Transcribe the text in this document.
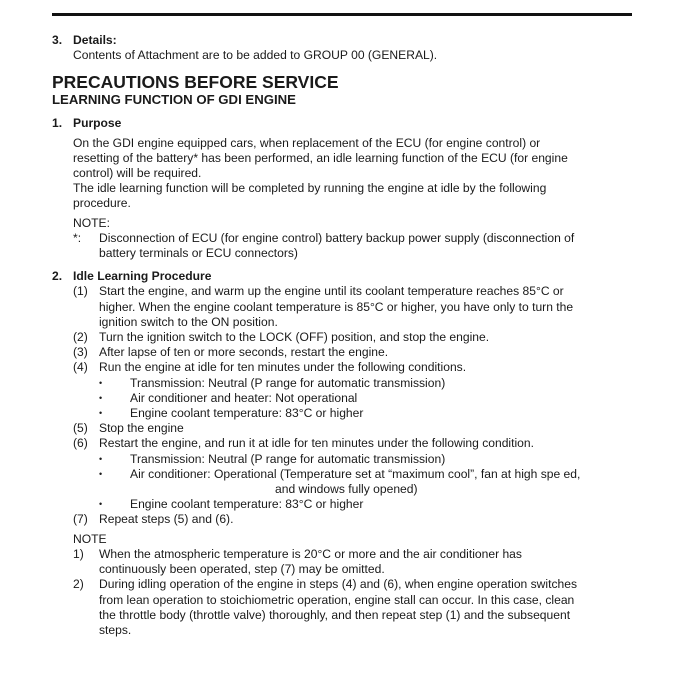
3. Details:
Contents of Attachment are to be added to GROUP 00 (GENERAL).
PRECAUTIONS BEFORE SERVICE
LEARNING FUNCTION OF GDI ENGINE
1. Purpose
On the GDI engine equipped cars, when replacement of the ECU (for engine control) or
resetting of the battery* has been performed, an idle learning function of the ECU (for engine
control) will be required.
The idle learning function will be completed by running the engine at idle by the following
procedure.
NOTE:
*:	Disconnection of ECU (for engine control) battery backup power supply (disconnection of
battery terminals or ECU connectors)
2. Idle Learning Procedure
(1) Start the engine, and warm up the engine until its coolant temperature reaches 85°C or
higher. When the engine coolant temperature is 85°C or higher, you have only to turn the
ignition switch to the ON position.
(2) Turn the ignition switch to the LOCK (OFF) position, and stop the engine.
(3) After lapse of ten or more seconds, restart the engine.
(4) Run the engine at idle for ten minutes under the following conditions.
•	Transmission: Neutral (P range for automatic transmission)
•	Air conditioner and heater: Not operational
•	Engine coolant temperature: 83°C or higher
(5) Stop the engine
(6) Restart the engine, and run it at idle for ten minutes under the following condition.
•	Transmission: Neutral (P range for automatic transmission)
•	Air conditioner: Operational (Temperature set at “maximum cool”, fan at high spe ed,
and windows fully opened)
•	Engine coolant temperature: 83°C or higher
(7) Repeat steps (5) and (6).
NOTE
1)	When the atmospheric temperature is 20°C or more and the air conditioner has
continuously been operated, step (7) may be omitted.
2)	During idling operation of the engine in steps (4) and (6), when engine operation switches
from lean operation to stoichiometric operation, engine stall can occur. In this case, clean
the throttle body (throttle valve) thoroughly, and then repeat step (1) and the subsequent
steps.
